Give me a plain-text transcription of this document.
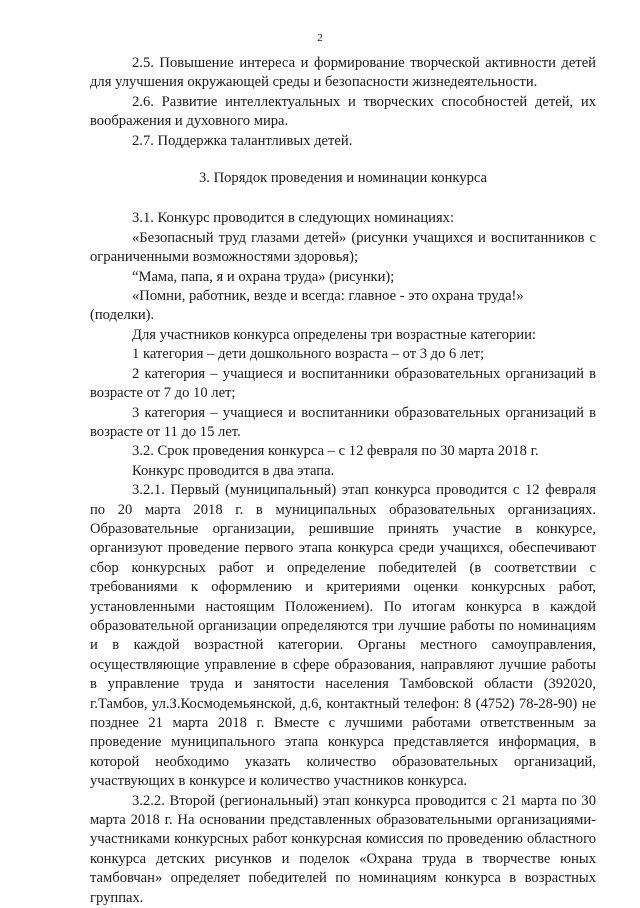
2

2.5. Повышение интереса и формирование творческой активности детей для улучшения окружающей среды и безопасности жизнедеятельности.

2.6. Развитие интеллектуальных и творческих способностей детей, их воображения и духовного мира.

2.7. Поддержка талантливых детей.

3. Порядок проведения и номинации конкурса

3.1. Конкурс проводится в следующих номинациях:

«Безопасный труд глазами детей» (рисунки учащихся и воспитанников с ограниченными возможностями здоровья);

“Мама, папа, я и охрана труда» (рисунки);

«Помни, работник, везде и всегда: главное - это охрана труда!»

(поделки).

Для участников конкурса определены три возрастные категории:

1 категория – дети дошкольного возраста – от 3 до 6 лет;

2 категория – учащиеся и воспитанники образовательных организаций в возрасте от 7 до 10 лет;

3 категория – учащиеся и воспитанники образовательных организаций в возрасте от 11 до 15 лет.

3.2. Срок проведения конкурса – с 12 февраля по 30 марта 2018 г.

Конкурс проводится в два этапа.

3.2.1. Первый (муниципальный) этап конкурса проводится с 12 февраля по 20 марта 2018 г. в муниципальных образовательных организациях. Образовательные организации, решившие принять участие в конкурсе, организуют проведение первого этапа конкурса среди учащихся, обеспечивают сбор конкурсных работ и определение победителей (в соответствии с требованиями к оформлению и критериями оценки конкурсных работ, установленными настоящим Положением). По итогам конкурса в каждой образовательной организации определяются три лучшие работы по номинациям и в каждой возрастной категории. Органы местного самоуправления, осуществляющие управление в сфере образования, направляют лучшие работы в управление труда и занятости населения Тамбовской области (392020, г.Тамбов, ул.З.Космодемьянской, д.6, контактный телефон: 8 (4752) 78-28-90) не позднее 21 марта 2018 г. Вместе с лучшими работами ответственным за проведение муниципального этапа конкурса представляется информация, в которой необходимо указать количество образовательных организаций, участвующих в конкурсе и количество участников конкурса.

3.2.2. Второй (региональный) этап конкурса проводится с 21 марта по 30 марта 2018 г. На основании представленных образовательными организациями-участниками конкурсных работ конкурсная комиссия по проведению областного конкурса детских рисунков и поделок «Охрана труда в творчестве юных тамбовчан» определяет победителей по номинациям конкурса в возрастных группах.
